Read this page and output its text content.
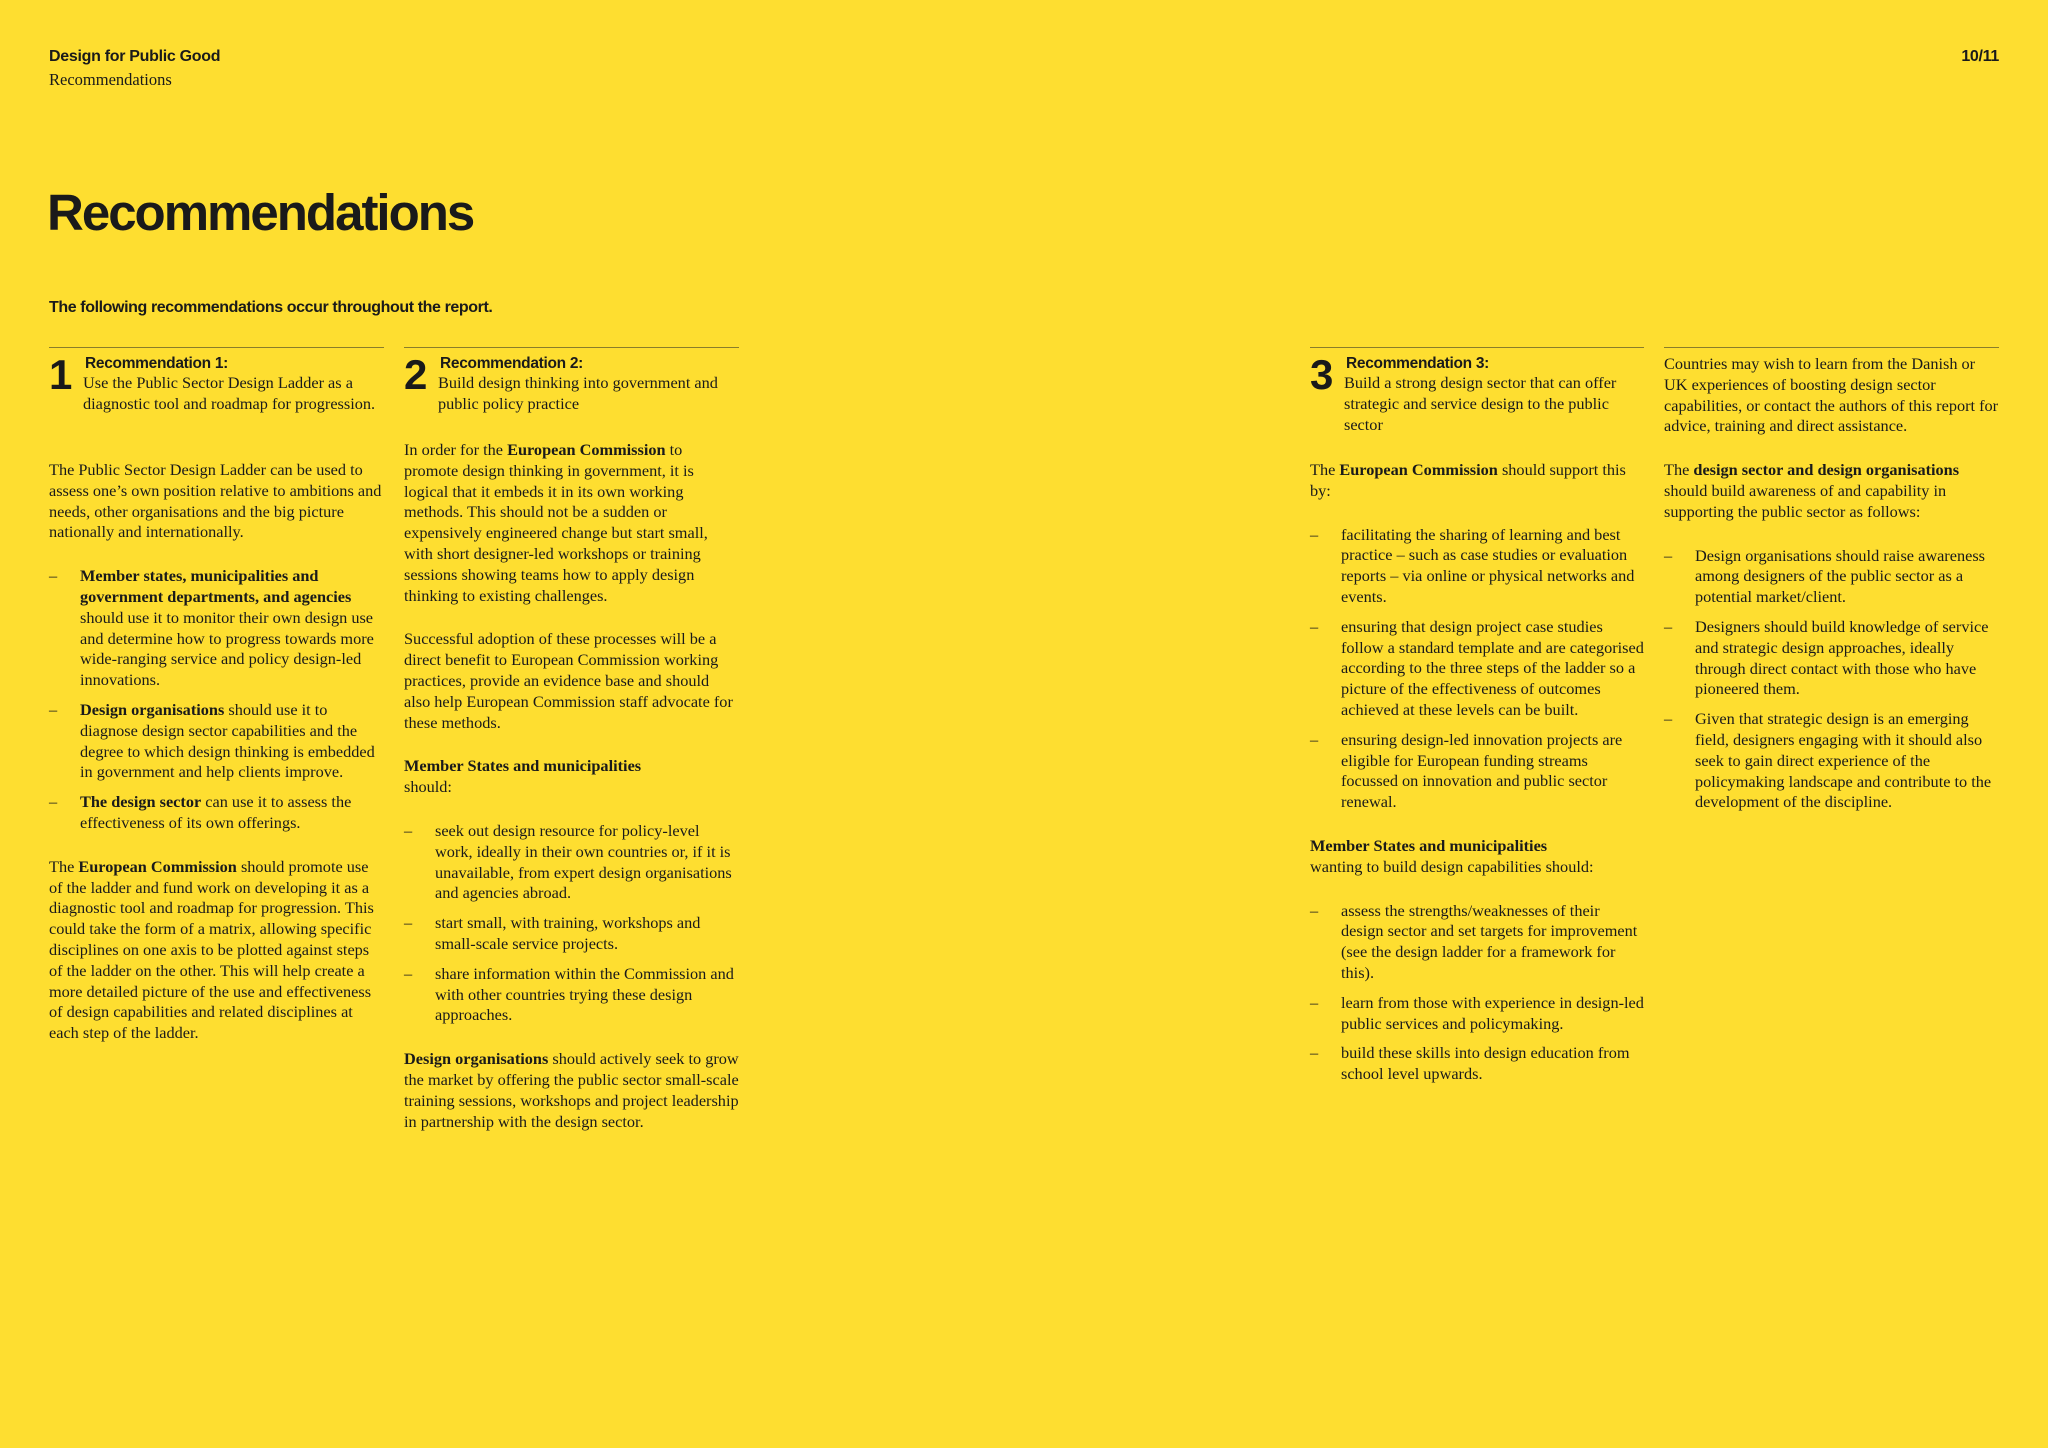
Design for Public Good
Recommendations
10/11
Recommendations
The following recommendations occur throughout the report.
1 Recommendation 1:
Use the Public Sector Design Ladder as a diagnostic tool and roadmap for progression.

The Public Sector Design Ladder can be used to assess one’s own position relative to ambitions and needs, other organisations and the big picture nationally and internationally.

– Member states, municipalities and government departments, and agencies should use it to monitor their own design use and determine how to progress towards more wide-ranging service and policy design-led innovations.
– Design organisations should use it to diagnose design sector capabilities and the degree to which design thinking is embedded in government and help clients improve.
– The design sector can use it to assess the effectiveness of its own offerings.

The European Commission should promote use of the ladder and fund work on developing it as a diagnostic tool and roadmap for progression. This could take the form of a matrix, allowing specific disciplines on one axis to be plotted against steps of the ladder on the other. This will help create a more detailed picture of the use and effectiveness of design capabilities and related disciplines at each step of the ladder.

2 Recommendation 2:
Build design thinking into government and public policy practice

In order for the European Commission to promote design thinking in government, it is logical that it embeds it in its own working methods. This should not be a sudden or expensively engineered change but start small, with short designer-led workshops or training sessions showing teams how to apply design thinking to existing challenges.

Successful adoption of these processes will be a direct benefit to European Commission working practices, provide an evidence base and should also help European Commission staff advocate for these methods.

Member States and municipalities
should:

– seek out design resource for policy-level work, ideally in their own countries or, if it is unavailable, from expert design organisations and agencies abroad.
– start small, with training, workshops and small-scale service projects.
– share information within the Commission and with other countries trying these design approaches.

Design organisations should actively seek to grow the market by offering the public sector small-scale training sessions, workshops and project leadership in partnership with the design sector.

3 Recommendation 3:
Build a strong design sector that can offer strategic and service design to the public sector

The European Commission should support this by:

– facilitating the sharing of learning and best practice – such as case studies or evaluation reports – via online or physical networks and events.
– ensuring that design project case studies follow a standard template and are categorised according to the three steps of the ladder so a picture of the effectiveness of outcomes achieved at these levels can be built.
– ensuring design-led innovation projects are eligible for European funding streams focussed on innovation and public sector renewal.

Member States and municipalities
wanting to build design capabilities should:

– assess the strengths/weaknesses of their design sector and set targets for improvement (see the design ladder for a framework for this).
– learn from those with experience in design-led public services and policymaking.
– build these skills into design education from school level upwards.

Countries may wish to learn from the Danish or UK experiences of boosting design sector capabilities, or contact the authors of this report for advice, training and direct assistance.

The design sector and design organisations should build awareness of and capability in supporting the public sector as follows:

– Design organisations should raise awareness among designers of the public sector as a potential market/client.
– Designers should build knowledge of service and strategic design approaches, ideally through direct contact with those who have pioneered them.
– Given that strategic design is an emerging field, designers engaging with it should also seek to gain direct experience of the policymaking landscape and contribute to the development of the discipline.
